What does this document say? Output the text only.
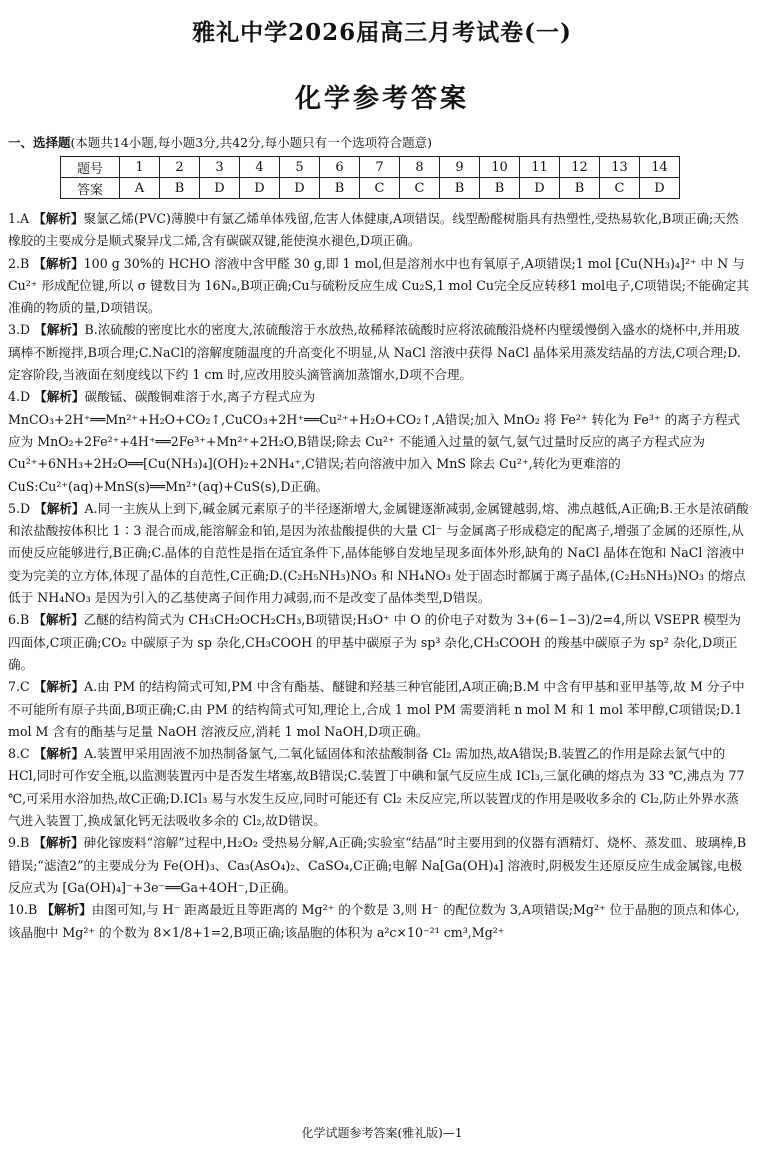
雅礼中学2026届高三月考试卷(一)
化学参考答案
一、选择题(本题共14小题,每小题3分,共42分,每小题只有一个选项符合题意)
题号	1	2	3	4	5	6	7	8	9	10	11	12	13	14
答案	A	B	D	D	D	B	C	C	B	B	D	B	C	D
1.A 【解析】聚氯乙烯(PVC)薄膜中有氯乙烯单体残留,危害人体健康,A项错误。线型酚醛树脂具有热塑性,受热易软化,B项正确;天然橡胶的主要成分是顺式聚异戊二烯,含有碳碳双键,能使溴水褪色,D项正确。
2.B 【解析】100 g 30%的 HCHO 溶液中含甲醛 30 g,即 1 mol,但是溶剂水中也有氧原子,A项错误;1 mol [Cu(NH₃)₄]²⁺ 中 N 与 Cu²⁺ 形成配位键,所以 σ 键数目为 16Nₐ,B项正确;Cu与硫粉反应生成 Cu₂S,1 mol Cu完全反应转移1 mol电子,C项错误;不能确定其准确的物质的量,D项错误。
3.D 【解析】B.浓硫酸的密度比水的密度大,浓硫酸溶于水放热,故稀释浓硫酸时应将浓硫酸沿烧杯内壁缓慢倒入盛水的烧杯中,并用玻璃棒不断搅拌,B项合理;C.NaCl的溶解度随温度的升高变化不明显,从 NaCl 溶液中获得 NaCl 晶体采用蒸发结晶的方法,C项合理;D.定容阶段,当液面在刻度线以下约 1 cm 时,应改用胶头滴管滴加蒸馏水,D项不合理。
4.D 【解析】碳酸锰、碳酸铜难溶于水,离子方程式应为 MnCO₃+2H⁺══Mn²⁺+H₂O+CO₂↑,CuCO₃+2H⁺══Cu²⁺+H₂O+CO₂↑,A错误;加入 MnO₂ 将 Fe²⁺ 转化为 Fe³⁺ 的离子方程式应为 MnO₂+2Fe²⁺+4H⁺══2Fe³⁺+Mn²⁺+2H₂O,B错误;除去 Cu²⁺ 不能通入过量的氨气,氨气过量时反应的离子方程式应为 Cu²⁺+6NH₃+2H₂O══[Cu(NH₃)₄](OH)₂+2NH₄⁺,C错误;若向溶液中加入 MnS 除去 Cu²⁺,转化为更难溶的 CuS:Cu²⁺(aq)+MnS(s)══Mn²⁺(aq)+CuS(s),D正确。
5.D 【解析】A.同一主族从上到下,碱金属元素原子的半径逐渐增大,金属键逐渐减弱,金属键越弱,熔、沸点越低,A正确;B.王水是浓硝酸和浓盐酸按体积比 1∶3 混合而成,能溶解金和铂,是因为浓盐酸提供的大量 Cl⁻ 与金属离子形成稳定的配离子,增强了金属的还原性,从而使反应能够进行,B正确;C.晶体的自范性是指在适宜条件下,晶体能够自发地呈现多面体外形,缺角的 NaCl 晶体在饱和 NaCl 溶液中变为完美的立方体,体现了晶体的自范性,C正确;D.(C₂H₅NH₃)NO₃ 和 NH₄NO₃ 处于固态时都属于离子晶体,(C₂H₅NH₃)NO₃ 的熔点低于 NH₄NO₃ 是因为引入的乙基使离子间作用力减弱,而不是改变了晶体类型,D错误。
6.B 【解析】乙醚的结构简式为 CH₃CH₂OCH₂CH₃,B项错误;H₃O⁺ 中 O 的价电子对数为 3+(6−1−3)/2=4,所以 VSEPR 模型为四面体,C项正确;CO₂ 中碳原子为 sp 杂化,CH₃COOH 的甲基中碳原子为 sp³ 杂化,CH₃COOH 的羧基中碳原子为 sp² 杂化,D项正确。
7.C 【解析】A.由 PM 的结构简式可知,PM 中含有酯基、醚键和羟基三种官能团,A项正确;B.M 中含有甲基和亚甲基等,故 M 分子中不可能所有原子共面,B项正确;C.由 PM 的结构简式可知,理论上,合成 1 mol PM 需要消耗 n mol M 和 1 mol 苯甲醇,C项错误;D.1 mol M 含有的酯基与足量 NaOH 溶液反应,消耗 1 mol NaOH,D项正确。
8.C 【解析】A.装置甲采用固液不加热制备氯气,二氧化锰固体和浓盐酸制备 Cl₂ 需加热,故A错误;B.装置乙的作用是除去氯气中的 HCl,同时可作安全瓶,以监测装置丙中是否发生堵塞,故B错误;C.装置丁中碘和氯气反应生成 ICl₃,三氯化碘的熔点为 33 ℃,沸点为 77 ℃,可采用水浴加热,故C正确;D.ICl₃ 易与水发生反应,同时可能还有 Cl₂ 未反应完,所以装置戊的作用是吸收多余的 Cl₂,防止外界水蒸气进入装置丁,换成氯化钙无法吸收多余的 Cl₂,故D错误。
9.B 【解析】砷化镓废料“溶解”过程中,H₂O₂ 受热易分解,A正确;实验室“结晶”时主要用到的仪器有酒精灯、烧杯、蒸发皿、玻璃棒,B错误;“滤渣2”的主要成分为 Fe(OH)₃、Ca₃(AsO₄)₂、CaSO₄,C正确;电解 Na[Ga(OH)₄] 溶液时,阴极发生还原反应生成金属镓,电极反应式为 [Ga(OH)₄]⁻+3e⁻══Ga+4OH⁻,D正确。
10.B 【解析】由图可知,与 H⁻ 距离最近且等距离的 Mg²⁺ 的个数是 3,则 H⁻ 的配位数为 3,A项错误;Mg²⁺ 位于晶胞的顶点和体心,该晶胞中 Mg²⁺ 的个数为 8×1/8+1=2,B项正确;该晶胞的体积为 a²c×10⁻²¹ cm³,Mg²⁺
化学试题参考答案(雅礼版)—1
